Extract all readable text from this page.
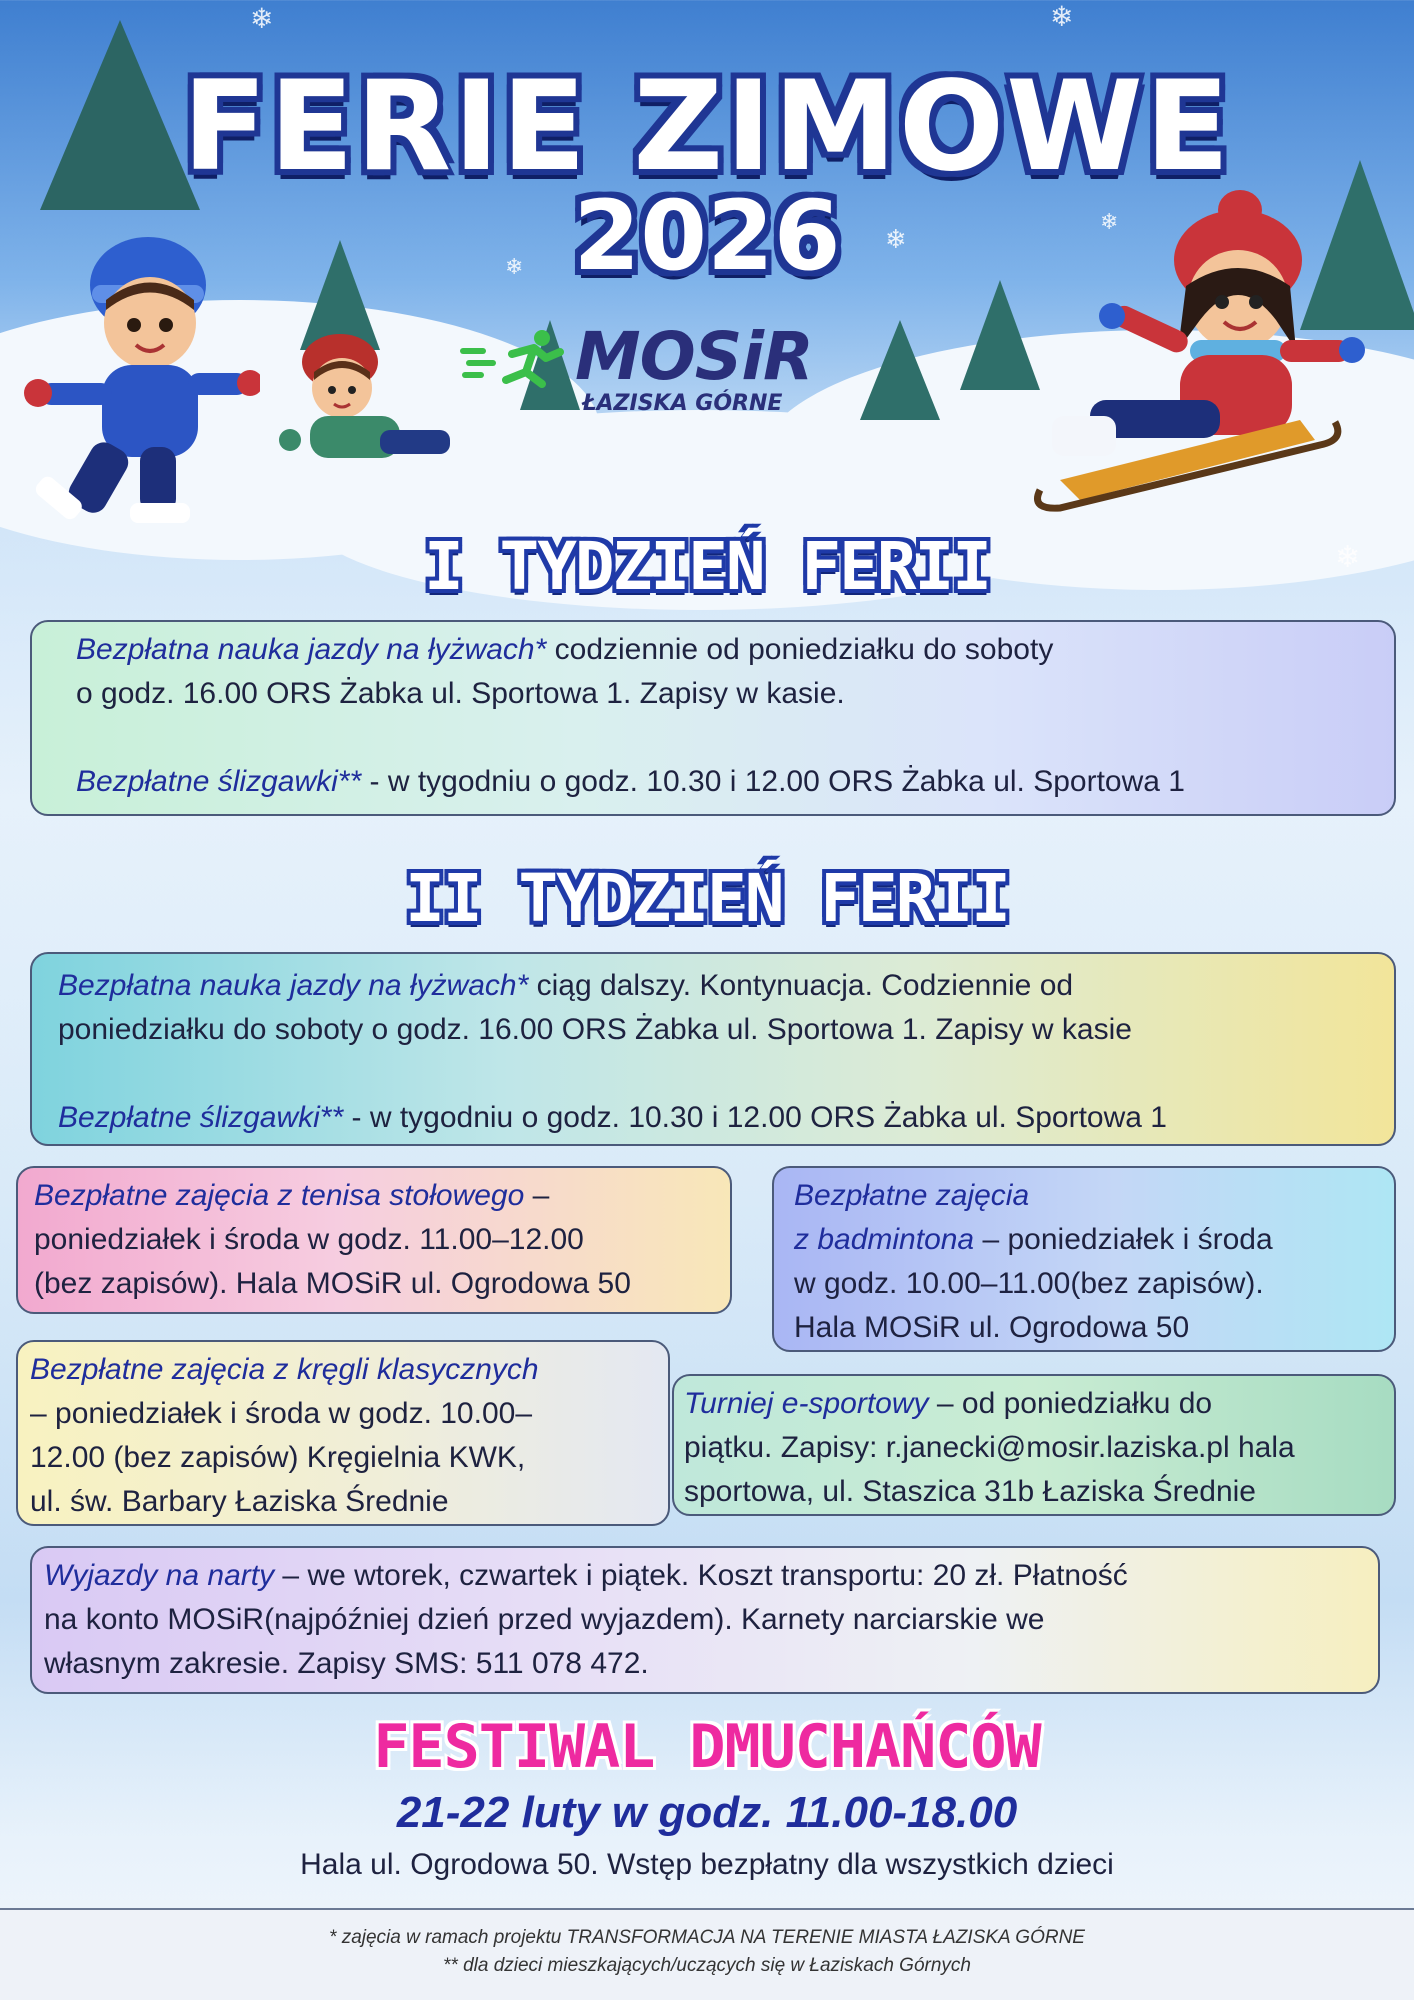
❄	❄
❄
❄
❄
❄
FERIE ZIMOWE
2026
MOSiR
ŁAZISKA GÓRNE
I TYDZIEŃ FERII

Bezpłatna nauka jazdy na łyżwach* codziennie od poniedziałku do soboty

o godz. 16.00 ORS Żabka ul. Sportowa 1. Zapisy w kasie.

Bezpłatne ślizgawki** - w tygodniu o godz. 10.30 i 12.00 ORS Żabka ul. Sportowa 1

II TYDZIEŃ FERII

Bezpłatna nauka jazdy na łyżwach* ciąg dalszy. Kontynuacja. Codziennie od

poniedziałku do soboty o godz. 16.00 ORS Żabka ul. Sportowa 1. Zapisy w kasie

Bezpłatne ślizgawki** - w tygodniu o godz. 10.30 i 12.00 ORS Żabka ul. Sportowa 1

Bezpłatne zajęcia z tenisa stołowego –

poniedziałek i środa w godz. 11.00–12.00

(bez zapisów). Hala MOSiR ul. Ogrodowa 50

Bezpłatne zajęcia

z badmintona – poniedziałek i środa

w godz. 10.00–11.00(bez zapisów).

Hala MOSiR ul. Ogrodowa 50

Bezpłatne zajęcia z kręgli klasycznych

– poniedziałek i środa w godz. 10.00–

12.00 (bez zapisów) Kręgielnia KWK,

ul. św. Barbary Łaziska Średnie

Turniej e-sportowy – od poniedziałku do

piątku. Zapisy: r.janecki@mosir.laziska.pl hala

sportowa, ul. Staszica 31b Łaziska Średnie

Wyjazdy na narty – we wtorek, czwartek i piątek. Koszt transportu: 20 zł. Płatność

na konto MOSiR(najpóźniej dzień przed wyjazdem). Karnety narciarskie we

własnym zakresie. Zapisy SMS: 511 078 472.

FESTIWAL DMUCHAŃCÓW
21-22 luty w godz. 11.00-18.00
Hala ul. Ogrodowa 50. Wstęp bezpłatny dla wszystkich dzieci
* zajęcia w ramach projektu TRANSFORMACJA NA TERENIE MIASTA ŁAZISKA GÓRNE
** dla dzieci mieszkających/uczących się w Łaziskach Górnych
